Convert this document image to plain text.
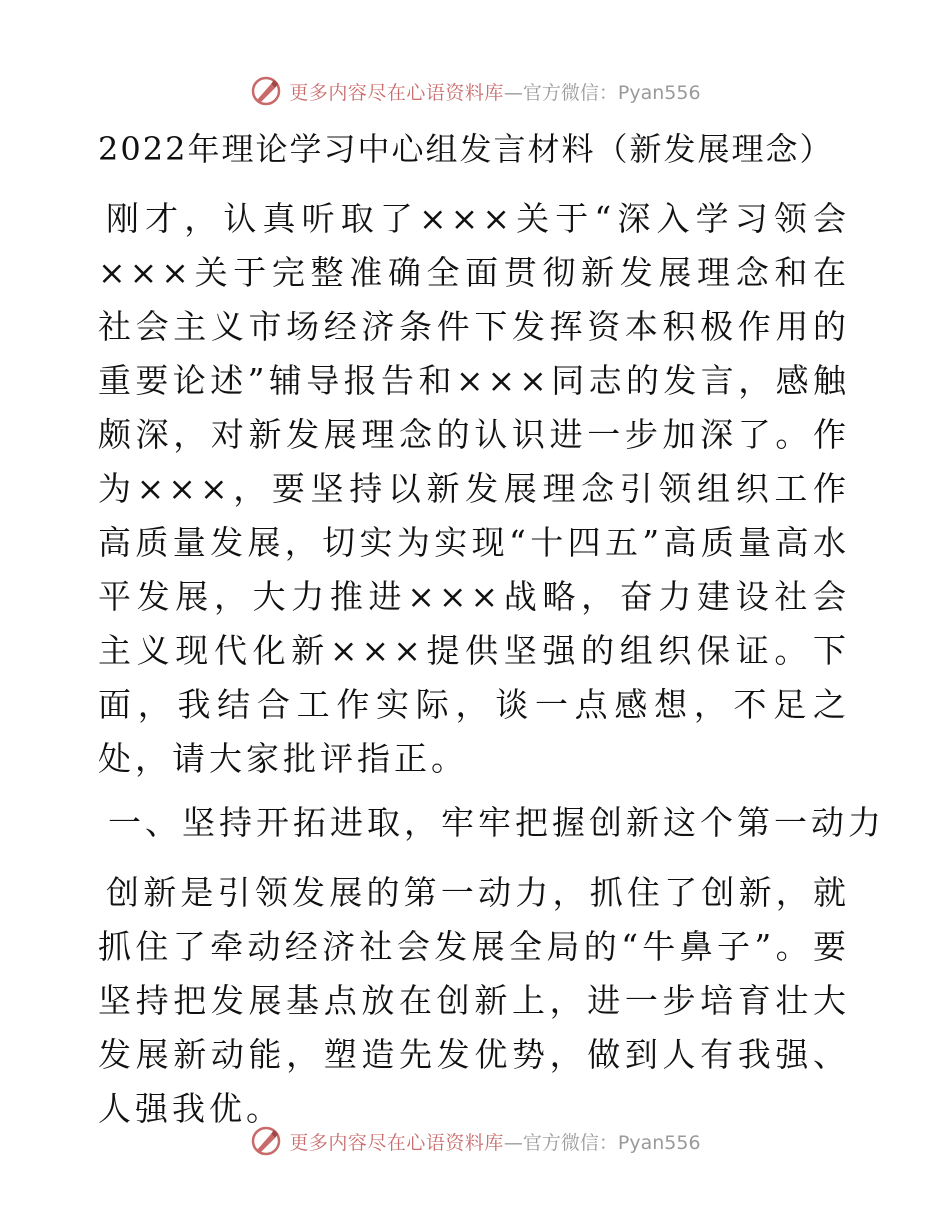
更多内容尽在心语资料库 —官方微信：Pyan556
2022年理论学习中心组发言材料（新发展理念）

刚才，认真听取了×××关于“深入学习领会×××关于完整准确全面贯彻新发展理念和在社会主义市场经济条件下发挥资本积极作用的重要论述”辅导报告和×××同志的发言，感触颇深，对新发展理念的认识进一步加深了。作为×××，要坚持以新发展理念引领组织工作高质量发展，切实为实现“十四五”高质量高水平发展，大力推进×××战略，奋力建设社会主义现代化新×××提供坚强的组织保证。下面，我结合工作实际，谈一点感想，不足之处，请大家批评指正。

一、坚持开拓进取，牢牢把握创新这个第一动力

创新是引领发展的第一动力，抓住了创新，就抓住了牵动经济社会发展全局的“牛鼻子”。要坚持把发展基点放在创新上，进一步培育壮大发展新动能，塑造先发优势，做到人有我强、人强我优。

更多内容尽在心语资料库 —官方微信：Pyan556
